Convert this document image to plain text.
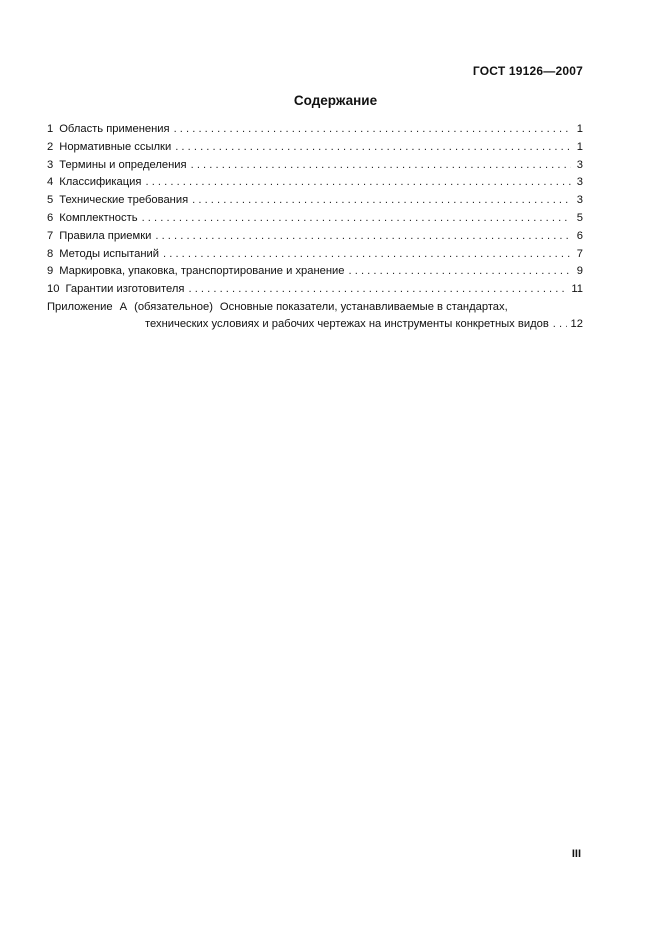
ГОСТ 19126—2007
Содержание
1 Область применения . . .	1
2 Нормативные ссылки . . .	1
3 Термины и определения . . .	3
4 Классификация . . .	3
5 Технические требования . . .	3
6 Комплектность . . .	5
7 Правила приемки . . .	6
8 Методы испытаний . . .	7
9 Маркировка, упаковка, транспортирование и хранение . . .	9
10 Гарантии изготовителя . . .	11
Приложение А (обязательное) Основные показатели, устанавливаемые в стандартах,
технических условиях и рабочих чертежах на инструменты конкретных видов . . . 12
III
